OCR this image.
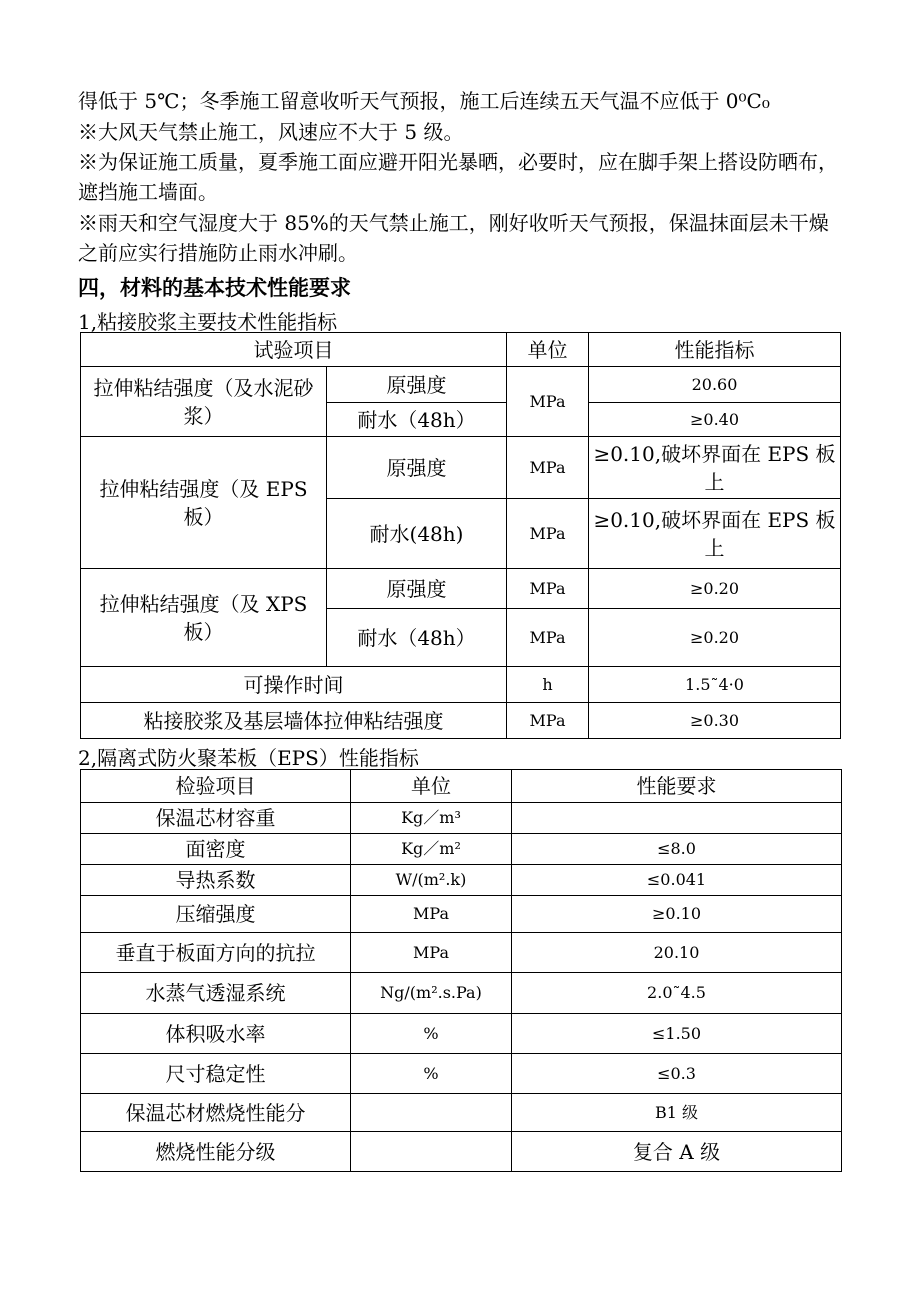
得低于 5℃；冬季施工留意收听天气预报，施工后连续五天气温不应低于 0⁰C₀

※大风天气禁止施工，风速应不大于 5 级。

※为保证施工质量，夏季施工面应避开阳光暴晒，必要时，应在脚手架上搭设防晒布，遮挡施工墙面。

※雨天和空气湿度大于 85%的天气禁止施工，刚好收听天气预报，保温抹面层未干燥之前应实行措施防止雨水冲刷。

四，材料的基本技术性能要求

1,粘接胶浆主要技术性能指标

试验项目		单位	性能指标
拉伸粘结强度（及水泥砂浆）	原强度	MPa	20.60
	耐水（48h）		≥0.40
拉伸粘结强度（及 EPS 板）	原强度	MPa	≥0.10,破坏界面在 EPS 板上
	耐水(48h)	MPa	≥0.10,破坏界面在 EPS 板上
拉伸粘结强度（及 XPS 板）	原强度	MPa	≥0.20
	耐水（48h）	MPa	≥0.20
可操作时间		h	1.5˜4·0
粘接胶浆及基层墙体拉伸粘结强度		MPa	≥0.30

2,隔离式防火聚苯板（EPS）性能指标

检验项目	单位	性能要求
保温芯材容重	Kg／m³	
面密度	Kg／m²	≤8.0
导热系数	W/(m².k)	≤0.041
压缩强度	MPa	≥0.10
垂直于板面方向的抗拉	MPa	20.10
水蒸气透湿系统	Ng/(m².s.Pa)	2.0˜4.5
体积吸水率	%	≤1.50
尺寸稳定性	%	≤0.3
保温芯材燃烧性能分		B1 级
燃烧性能分级		复合 A 级
